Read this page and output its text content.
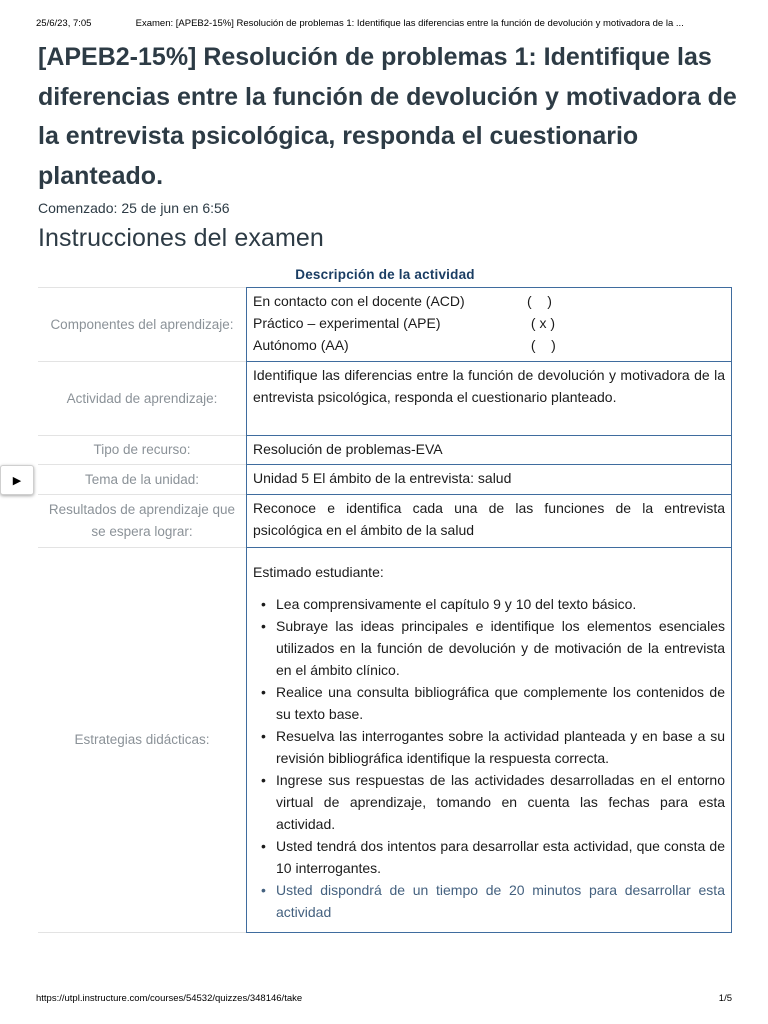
25/6/23, 7:05	Examen: [APEB2-15%] Resolución de problemas 1: Identifique las diferencias entre la función de devolución y motivadora de la ...
[APEB2-15%] Resolución de problemas 1: Identifique las diferencias entre la función de devolución y motivadora de la entrevista psicológica, responda el cuestionario planteado.
Comenzado: 25 de jun en 6:56
Instrucciones del examen
Descripción de la actividad
Componentes del aprendizaje:
En contacto con el docente (ACD)	(    )
Práctico – experimental (APE)	( x )
Autónomo (AA)	(    )
Actividad de aprendizaje:
Identifique las diferencias entre la función de devolución y motivadora de la entrevista psicológica, responda el cuestionario planteado.
Tipo de recurso:	Resolución de problemas-EVA
Tema de la unidad:	Unidad 5 El ámbito de la entrevista: salud
Resultados de aprendizaje que se espera lograr:
Reconoce e identifica cada una de las funciones de la entrevista psicológica en el ámbito de la salud
Estrategias didácticas:
Estimado estudiante:
• Lea comprensivamente el capítulo 9 y 10 del texto básico.
• Subraye las ideas principales e identifique los elementos esenciales utilizados en la función de devolución y de motivación de la entrevista en el ámbito clínico.
• Realice una consulta bibliográfica que complemente los contenidos de su texto base.
• Resuelva las interrogantes sobre la actividad planteada y en base a su revisión bibliográfica identifique la respuesta correcta.
• Ingrese sus respuestas de las actividades desarrolladas en el entorno virtual de aprendizaje, tomando en cuenta las fechas para esta actividad.
• Usted tendrá dos intentos para desarrollar esta actividad, que consta de 10 interrogantes.
• Usted dispondrá de un tiempo de 20 minutos para desarrollar esta actividad
▶
https://utpl.instructure.com/courses/54532/quizzes/348146/take	1/5
